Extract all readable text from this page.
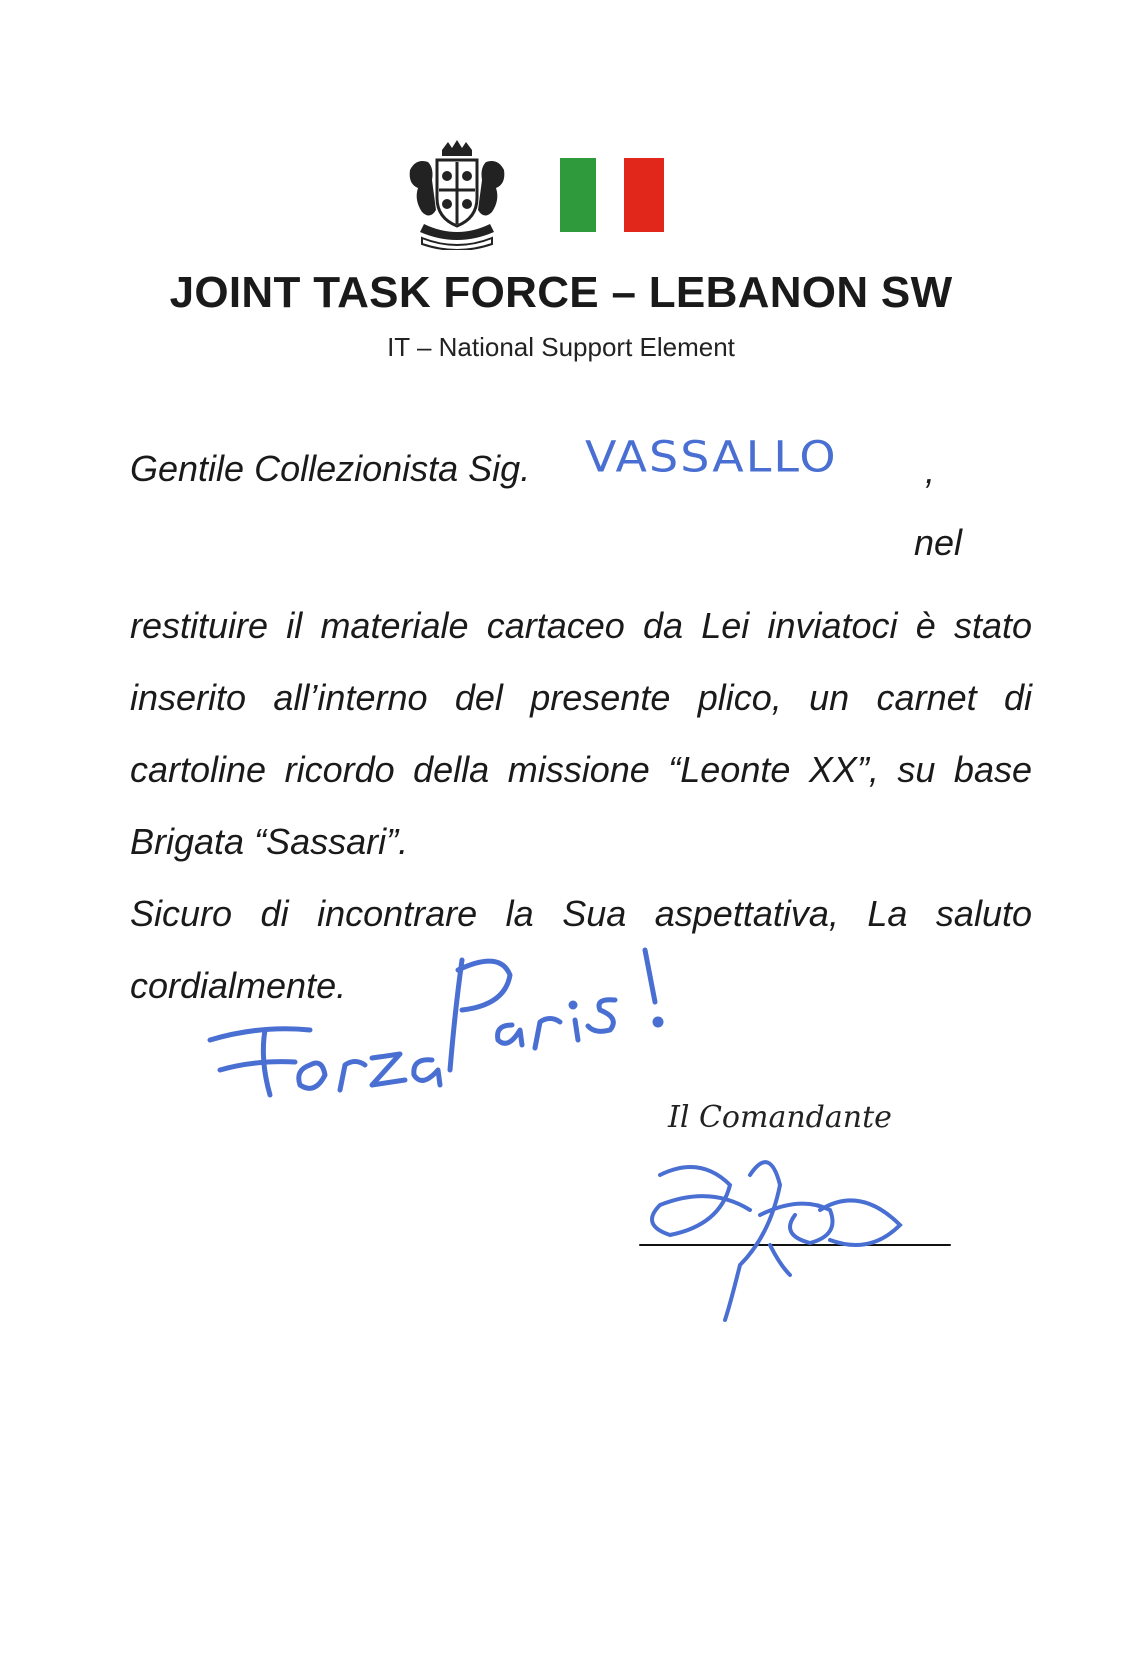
JOINT TASK FORCE – LEBANON SW
IT – National Support Element
Gentile Collezionista Sig.	,
VASSALLO
nel
restituire il materiale cartaceo da Lei inviatoci è stato inserito all’interno del presente plico, un carnet di cartoline ricordo della missione “Leonte XX”, su base Brigata “Sassari”.
Sicuro di incontrare la Sua aspettativa, La saluto cordialmente.
Il Comandante
